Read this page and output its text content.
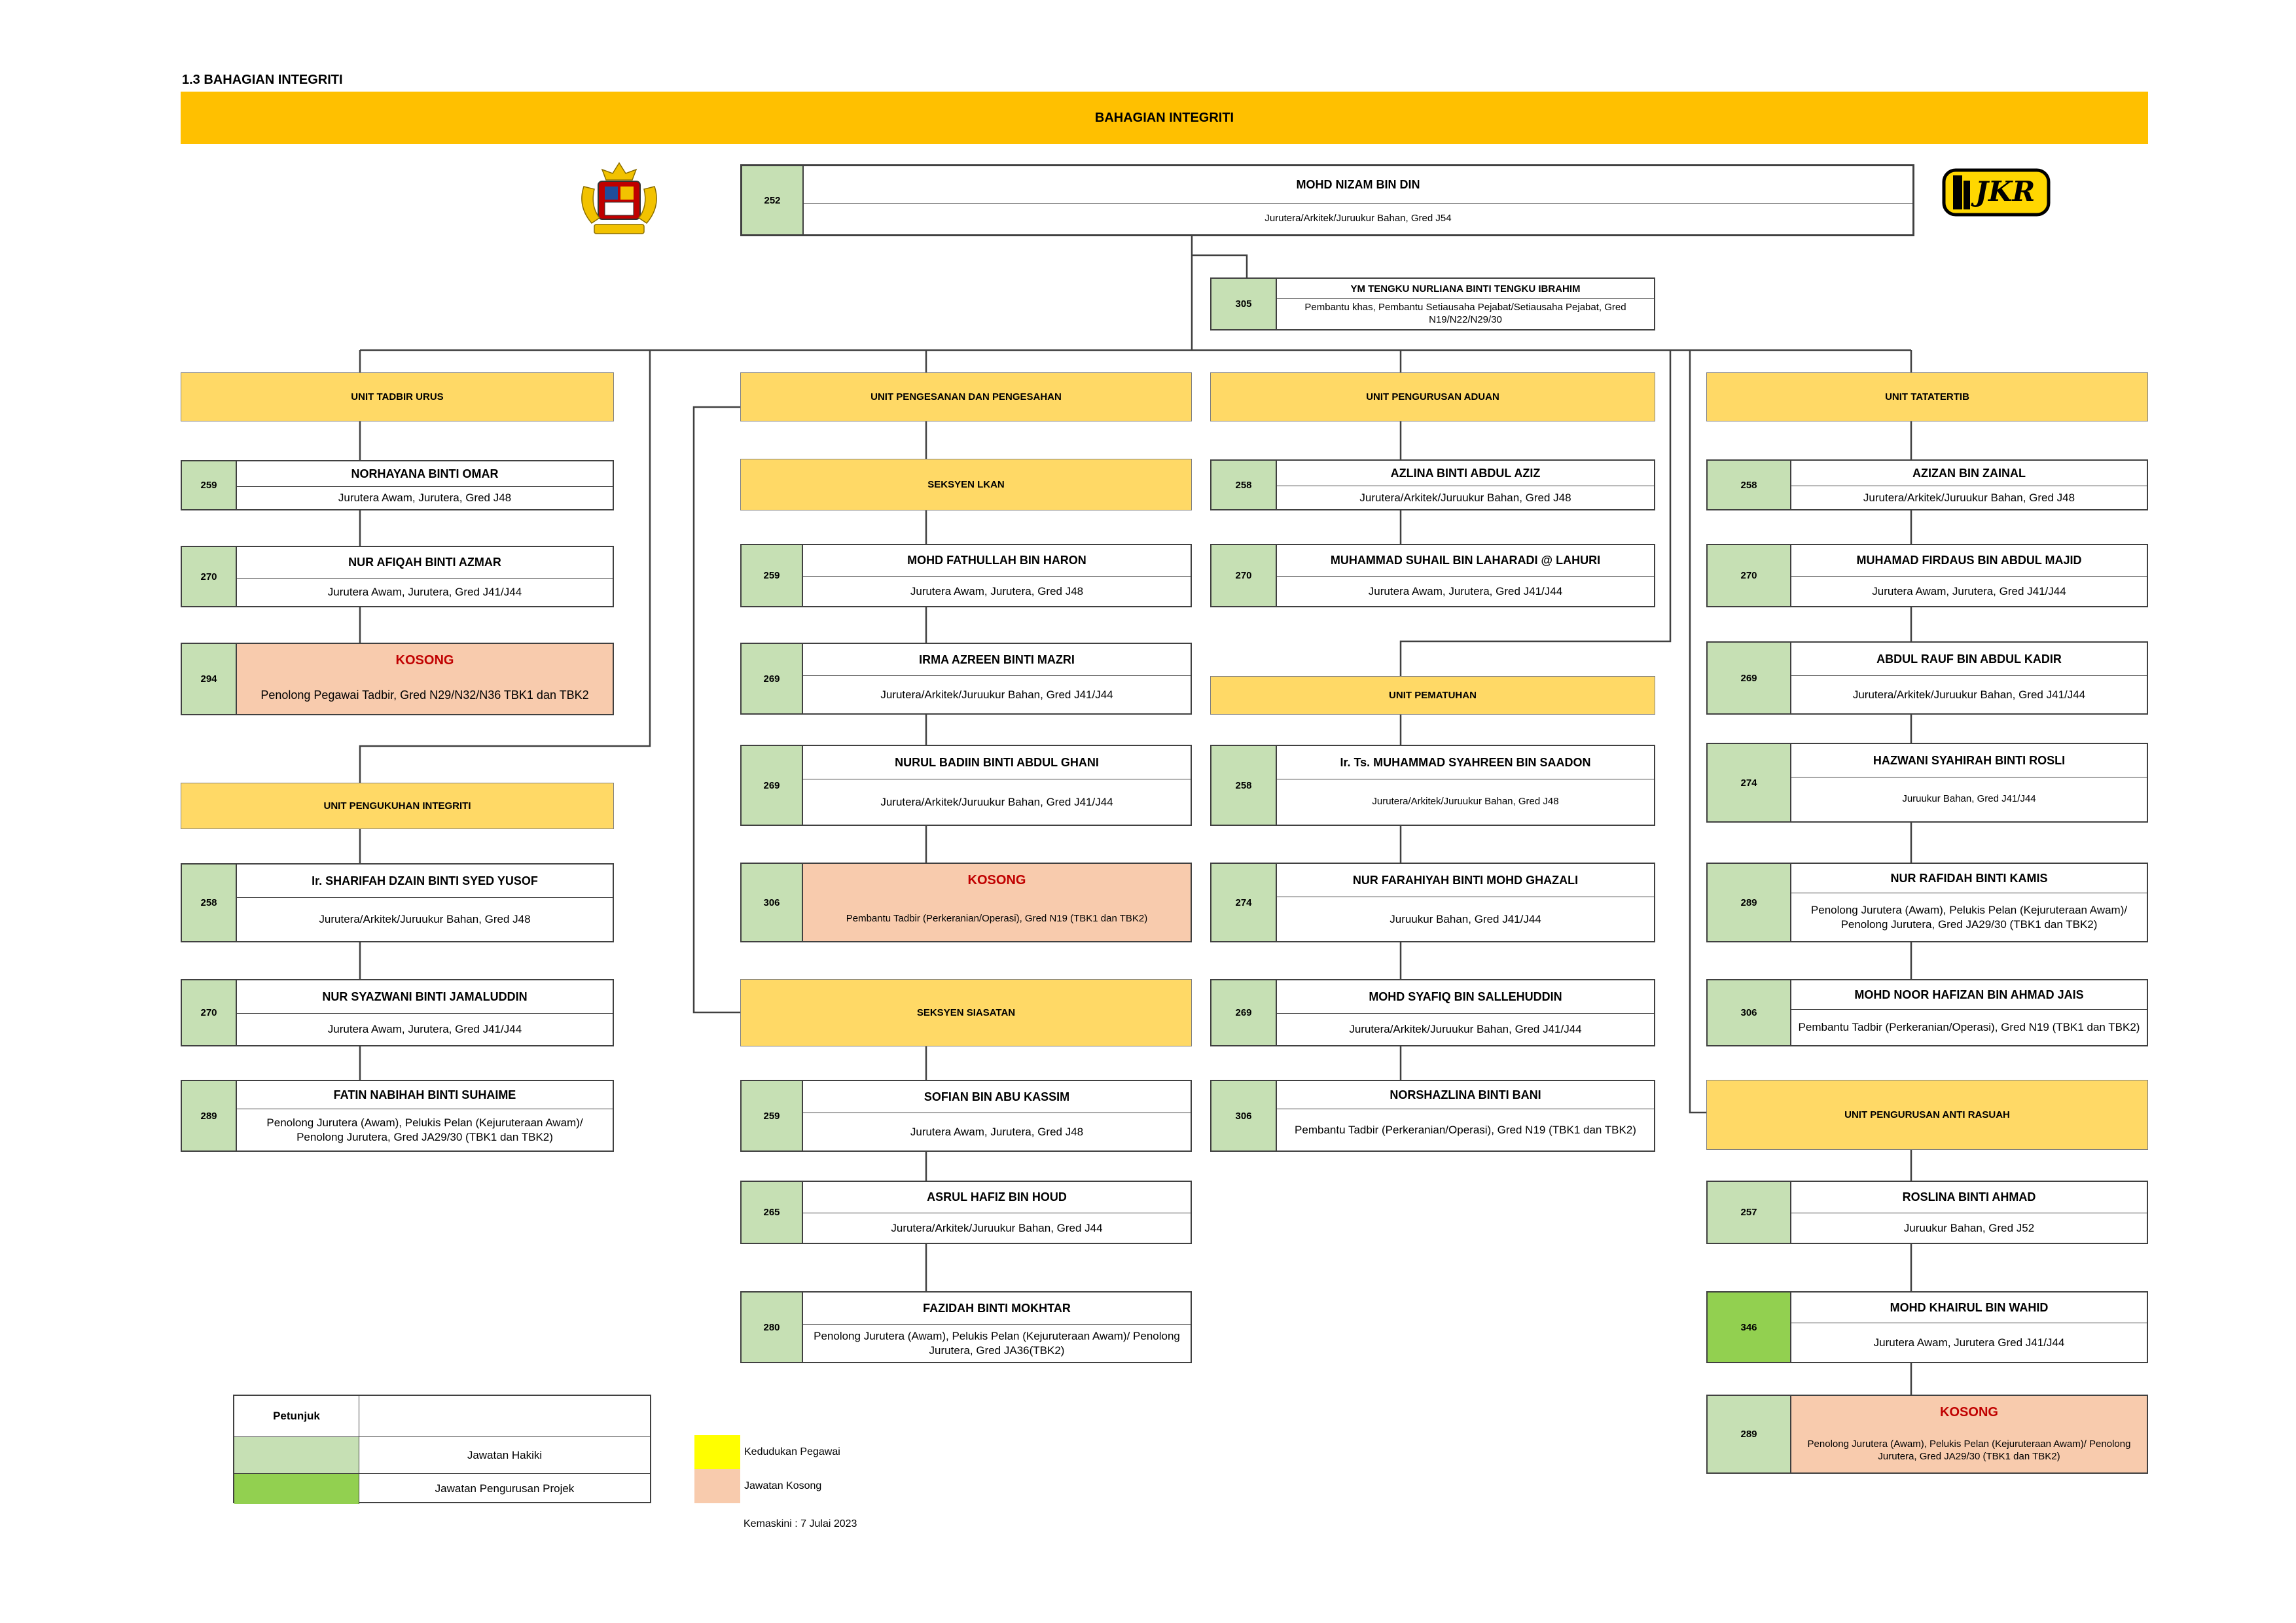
1.3 BAHAGIAN INTEGRITI
BAHAGIAN INTEGRITI
JKR
252
MOHD NIZAM BIN DIN
Jurutera/Arkitek/Juruukur Bahan, Gred J54
305
YM TENGKU NURLIANA BINTI TENGKU IBRAHIM
Pembantu khas, Pembantu Setiausaha Pejabat/Setiausaha Pejabat, Gred N19/N22/N29/30
UNIT TADBIR URUS	UNIT PENGESANAN DAN PENGESAHAN	UNIT PENGURUSAN ADUAN	UNIT TATATERTIB
UNIT PENGUKUHAN INTEGRITI
SEKSYEN LKAN
UNIT PEMATUHAN
SEKSYEN SIASATAN
UNIT PENGURUSAN ANTI RASUAH
259
NORHAYANA BINTI OMAR
Jurutera Awam, Jurutera, Gred J48
270
NUR AFIQAH BINTI AZMAR
Jurutera Awam, Jurutera, Gred J41/J44
294
KOSONG
Penolong Pegawai Tadbir, Gred N29/N32/N36 TBK1 dan TBK2
258
Ir. SHARIFAH DZAIN BINTI SYED YUSOF
Jurutera/Arkitek/Juruukur Bahan, Gred J48
270
NUR SYAZWANI BINTI JAMALUDDIN
Jurutera Awam, Jurutera, Gred J41/J44
289
FATIN NABIHAH BINTI SUHAIME
Penolong Jurutera (Awam), Pelukis Pelan (Kejuruteraan Awam)/ Penolong Jurutera, Gred JA29/30 (TBK1 dan TBK2)
259
MOHD FATHULLAH BIN HARON
Jurutera Awam, Jurutera, Gred J48
269
IRMA AZREEN BINTI MAZRI
Jurutera/Arkitek/Juruukur Bahan, Gred J41/J44
269
NURUL BADIIN BINTI ABDUL GHANI
Jurutera/Arkitek/Juruukur Bahan, Gred J41/J44
306
KOSONG
Pembantu Tadbir (Perkeranian/Operasi), Gred N19 (TBK1 dan TBK2)
259
SOFIAN BIN ABU KASSIM
Jurutera Awam, Jurutera, Gred J48
265
ASRUL HAFIZ BIN HOUD
Jurutera/Arkitek/Juruukur Bahan, Gred J44
280
FAZIDAH BINTI MOKHTAR
Penolong Jurutera (Awam), Pelukis Pelan (Kejuruteraan Awam)/ Penolong Jurutera, Gred JA36(TBK2)
258
AZLINA BINTI ABDUL AZIZ
Jurutera/Arkitek/Juruukur Bahan, Gred J48
270
MUHAMMAD SUHAIL BIN LAHARADI @ LAHURI
Jurutera Awam, Jurutera, Gred J41/J44
258
Ir. Ts. MUHAMMAD SYAHREEN BIN SAADON
Jurutera/Arkitek/Juruukur Bahan, Gred J48
274
NUR FARAHIYAH BINTI MOHD GHAZALI
Juruukur Bahan, Gred J41/J44
269
MOHD SYAFIQ BIN SALLEHUDDIN
Jurutera/Arkitek/Juruukur Bahan, Gred J41/J44
306
NORSHAZLINA BINTI BANI
Pembantu Tadbir (Perkeranian/Operasi), Gred N19 (TBK1 dan TBK2)
258
AZIZAN BIN ZAINAL
Jurutera/Arkitek/Juruukur Bahan, Gred J48
270
MUHAMAD FIRDAUS BIN ABDUL MAJID
Jurutera Awam, Jurutera, Gred J41/J44
269
ABDUL RAUF BIN ABDUL KADIR
Jurutera/Arkitek/Juruukur Bahan, Gred J41/J44
274
HAZWANI SYAHIRAH BINTI ROSLI
Juruukur Bahan, Gred J41/J44
289
NUR RAFIDAH BINTI KAMIS
Penolong Jurutera (Awam), Pelukis Pelan (Kejuruteraan Awam)/ Penolong Jurutera, Gred JA29/30 (TBK1 dan TBK2)
306
MOHD NOOR HAFIZAN BIN AHMAD JAIS
Pembantu Tadbir (Perkeranian/Operasi), Gred N19 (TBK1 dan TBK2)
257
ROSLINA BINTI AHMAD
Juruukur Bahan, Gred J52
346
MOHD KHAIRUL BIN WAHID
Jurutera Awam, Jurutera Gred J41/J44
289
KOSONG
Penolong Jurutera (Awam), Pelukis Pelan (Kejuruteraan Awam)/ Penolong Jurutera, Gred JA29/30 (TBK1 dan TBK2)
Petunjuk
Jawatan Hakiki
Jawatan Pengurusan Projek
Kedudukan Pegawai
Jawatan Kosong
Kemaskini : 7 Julai 2023
